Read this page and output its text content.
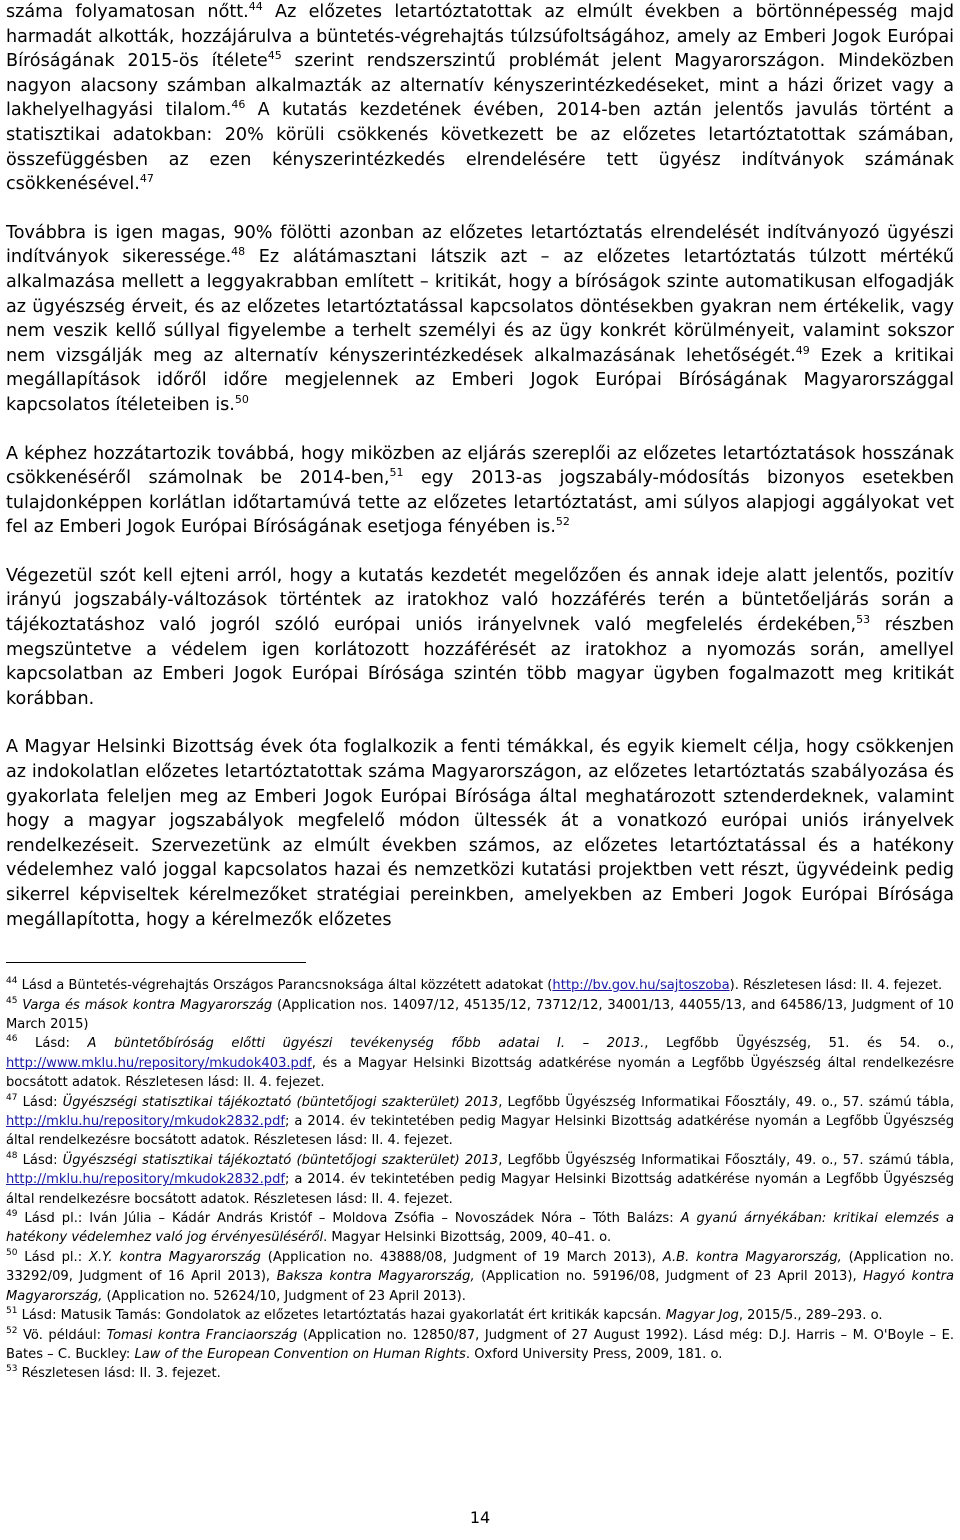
száma folyamatosan nőtt.$^{44}$ Az előzetes letartóztatottak az elmúlt években a börtönnépesség majd harmadát alkották, hozzájárulva a büntetés-végrehajtás túlzsúfoltságához, amely az Emberi Jogok Európai Bíróságának 2015-ös ítélete$^{45}$ szerint rendszerszintű problémát jelent Magyarországon. Mindeközben nagyon alacsony számban alkalmazták az alternatív kényszerintézkedéseket, mint a házi őrizet vagy a lakhelyelhagyási tilalom.$^{46}$ A kutatás kezdetének évében, 2014-ben aztán jelentős javulás történt a statisztikai adatokban: 20% körüli csökkenés következett be az előzetes letartóztatottak számában, összefüggésben az ezen kényszerintézkedés elrendelésére tett ügyész indítványok számának csökkenésével.$^{47}$

Továbbra is igen magas, 90% fölötti azonban az előzetes letartóztatás elrendelését indítványozó ügyészi indítványok sikeressége.$^{48}$ Ez alátámasztani látszik azt – az előzetes letartóztatás túlzott mértékű alkalmazása mellett a leggyakrabban említett – kritikát, hogy a bíróságok szinte automatikusan elfogadják az ügyészség érveit, és az előzetes letartóztatással kapcsolatos döntésekben gyakran nem értékelik, vagy nem veszik kellő súllyal figyelembe a terhelt személyi és az ügy konkrét körülményeit, valamint sokszor nem vizsgálják meg az alternatív kényszerintézkedések alkalmazásának lehetőségét.$^{49}$ Ezek a kritikai megállapítások időről időre megjelennek az Emberi Jogok Európai Bíróságának Magyarországgal kapcsolatos ítéleteiben is.$^{50}$

A képhez hozzátartozik továbbá, hogy miközben az eljárás szereplői az előzetes letartóztatások hosszának csökkenéséről számolnak be 2014-ben,$^{51}$ egy 2013-as jogszabály-módosítás bizonyos esetekben tulajdonképpen korlátlan időtartamúvá tette az előzetes letartóztatást, ami súlyos alapjogi aggályokat vet fel az Emberi Jogok Európai Bíróságának esetjoga fényében is.$^{52}$

Végezetül szót kell ejteni arról, hogy a kutatás kezdetét megelőzően és annak ideje alatt jelentős, pozitív irányú jogszabály-változások történtek az iratokhoz való hozzáférés terén a büntetőeljárás során a tájékoztatáshoz való jogról szóló európai uniós irányelvnek való megfelelés érdekében,$^{53}$ részben megszüntetve a védelem igen korlátozott hozzáférését az iratokhoz a nyomozás során, amellyel kapcsolatban az Emberi Jogok Európai Bírósága szintén több magyar ügyben fogalmazott meg kritikát korábban.

A Magyar Helsinki Bizottság évek óta foglalkozik a fenti témákkal, és egyik kiemelt célja, hogy csökkenjen az indokolatlan előzetes letartóztatottak száma Magyarországon, az előzetes letartóztatás szabályozása és gyakorlata feleljen meg az Emberi Jogok Európai Bírósága által meghatározott sztenderdeknek, valamint hogy a magyar jogszabályok megfelelő módon ültessék át a vonatkozó európai uniós irányelvek rendelkezéseit. Szervezetünk az elmúlt években számos, az előzetes letartóztatással és a hatékony védelemhez való joggal kapcsolatos hazai és nemzetközi kutatási projektben vett részt, ügyvédeink pedig sikerrel képviseltek kérelmezőket stratégiai pereinkben, amelyekben az Emberi Jogok Európai Bírósága megállapította, hogy a kérelmezők előzetes

$^{44}$ Lásd a Büntetés-végrehajtás Országos Parancsnoksága által közzétett adatokat (http://bv.gov.hu/sajtoszoba). Részletesen lásd: II. 4. fejezet.

$^{45}$ Varga és mások kontra Magyarország (Application nos. 14097/12, 45135/12, 73712/12, 34001/13, 44055/13, and 64586/13, Judgment of 10 March 2015)

$^{46}$ Lásd: A büntetőbíróság előtti ügyészi tevékenység főbb adatai I. – 2013., Legfőbb Ügyészség, 51. és 54. o., http://www.mklu.hu/repository/mkudok403.pdf, és a Magyar Helsinki Bizottság adatkérése nyomán a Legfőbb Ügyészség által rendelkezésre bocsátott adatok. Részletesen lásd: II. 4. fejezet.

$^{47}$ Lásd: Ügyészségi statisztikai tájékoztató (büntetőjogi szakterület) 2013, Legfőbb Ügyészség Informatikai Főosztály, 49. o., 57. számú tábla, http://mklu.hu/repository/mkudok2832.pdf; a 2014. év tekintetében pedig Magyar Helsinki Bizottság adatkérése nyomán a Legfőbb Ügyészség által rendelkezésre bocsátott adatok. Részletesen lásd: II. 4. fejezet.

$^{48}$ Lásd: Ügyészségi statisztikai tájékoztató (büntetőjogi szakterület) 2013, Legfőbb Ügyészség Informatikai Főosztály, 49. o., 57. számú tábla, http://mklu.hu/repository/mkudok2832.pdf; a 2014. év tekintetében pedig Magyar Helsinki Bizottság adatkérése nyomán a Legfőbb Ügyészség által rendelkezésre bocsátott adatok. Részletesen lásd: II. 4. fejezet.

$^{49}$ Lásd pl.: Iván Júlia – Kádár András Kristóf – Moldova Zsófia – Novoszádek Nóra – Tóth Balázs: A gyanú árnyékában: kritikai elemzés a hatékony védelemhez való jog érvényesüléséről. Magyar Helsinki Bizottság, 2009, 40–41. o.

$^{50}$ Lásd pl.: X.Y. kontra Magyarország (Application no. 43888/08, Judgment of 19 March 2013), A.B. kontra Magyarország, (Application no. 33292/09, Judgment of 16 April 2013), Baksza kontra Magyarország, (Application no. 59196/08, Judgment of 23 April 2013), Hagyó kontra Magyarország, (Application no. 52624/10, Judgment of 23 April 2013).

$^{51}$ Lásd: Matusik Tamás: Gondolatok az előzetes letartóztatás hazai gyakorlatát ért kritikák kapcsán. Magyar Jog, 2015/5., 289–293. o.

$^{52}$ Vö. például: Tomasi kontra Franciaország (Application no. 12850/87, Judgment of 27 August 1992). Lásd még: D.J. Harris – M. O'Boyle – E. Bates – C. Buckley: Law of the European Convention on Human Rights. Oxford University Press, 2009, 181. o.

$^{53}$ Részletesen lásd: II. 3. fejezet.

14
